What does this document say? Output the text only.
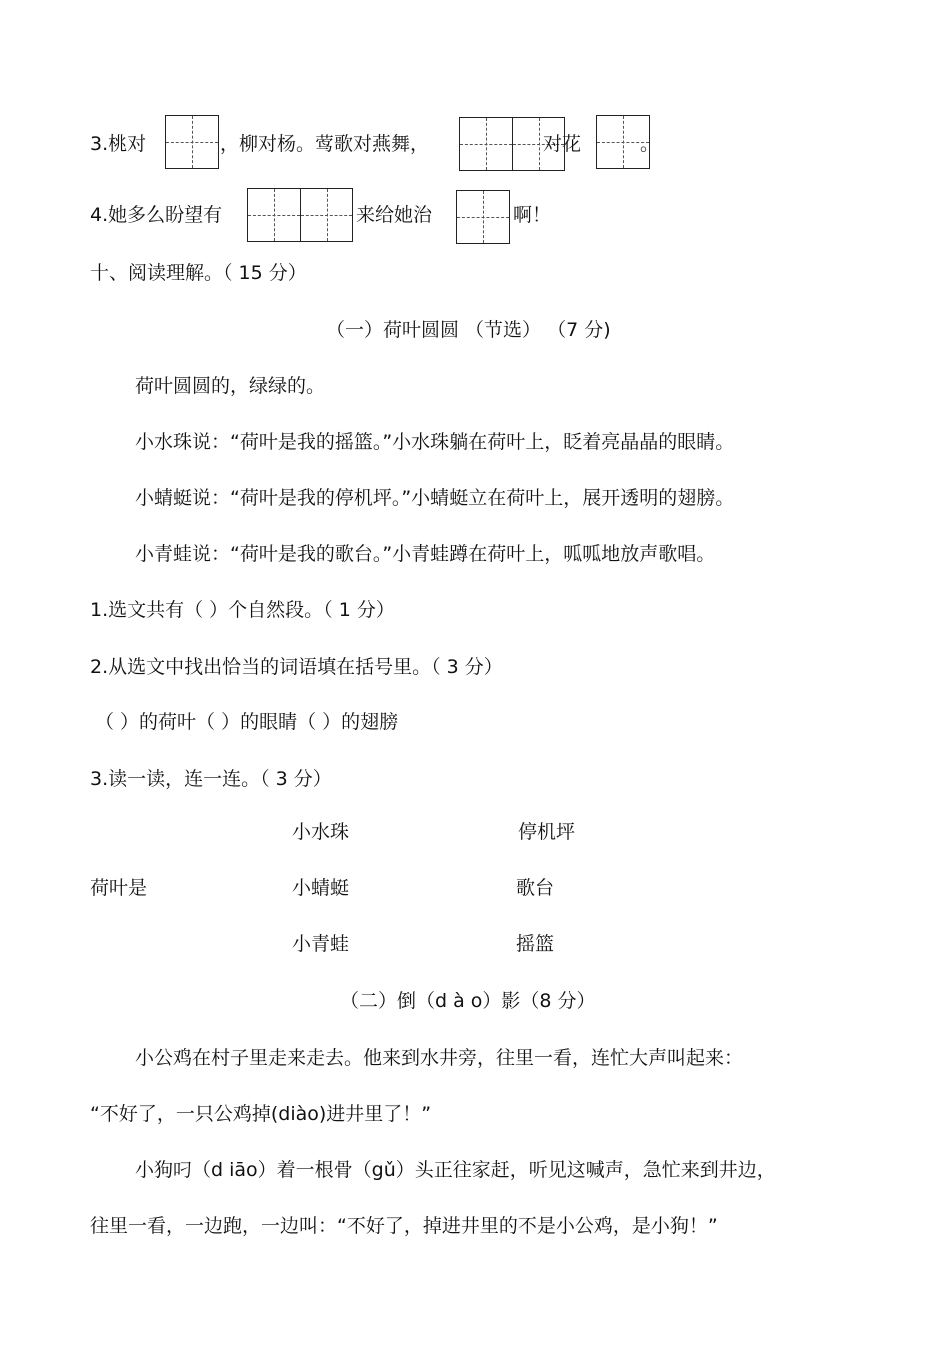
3.桃对	，柳对杨。莺歌对燕舞，	对花	。
4.她多么盼望有	来给她治	啊！
十、阅读理解。（ 15 分）
（一）荷叶圆圆 （节选） （7 分)
荷叶圆圆的，绿绿的。
小水珠说：“荷叶是我的摇篮。”小水珠躺在荷叶上，眨着亮晶晶的眼睛。
小蜻蜓说：“荷叶是我的停机坪。”小蜻蜓立在荷叶上，展开透明的翅膀。
小青蛙说：“荷叶是我的歌台。”小青蛙蹲在荷叶上，呱呱地放声歌唱。
1.选文共有（ ）个自然段。（ 1 分）
2.从选文中找出恰当的词语填在括号里。（ 3 分）
（ ）的荷叶（ ）的眼睛（ ）的翅膀
3.读一读，连一连。（ 3 分）
小水珠	停机坪
荷叶是	小蜻蜓	歌台
小青蛙	摇篮
（二）倒（d à o）影（8 分）
小公鸡在村子里走来走去。他来到水井旁，往里一看，连忙大声叫起来：
“不好了，一只公鸡掉(diào)进井里了！”
小狗叼（d iāo）着一根骨（gǔ）头正往家赶，听见这喊声，急忙来到井边，
往里一看，一边跑，一边叫：“不好了，掉进井里的不是小公鸡，是小狗！”
